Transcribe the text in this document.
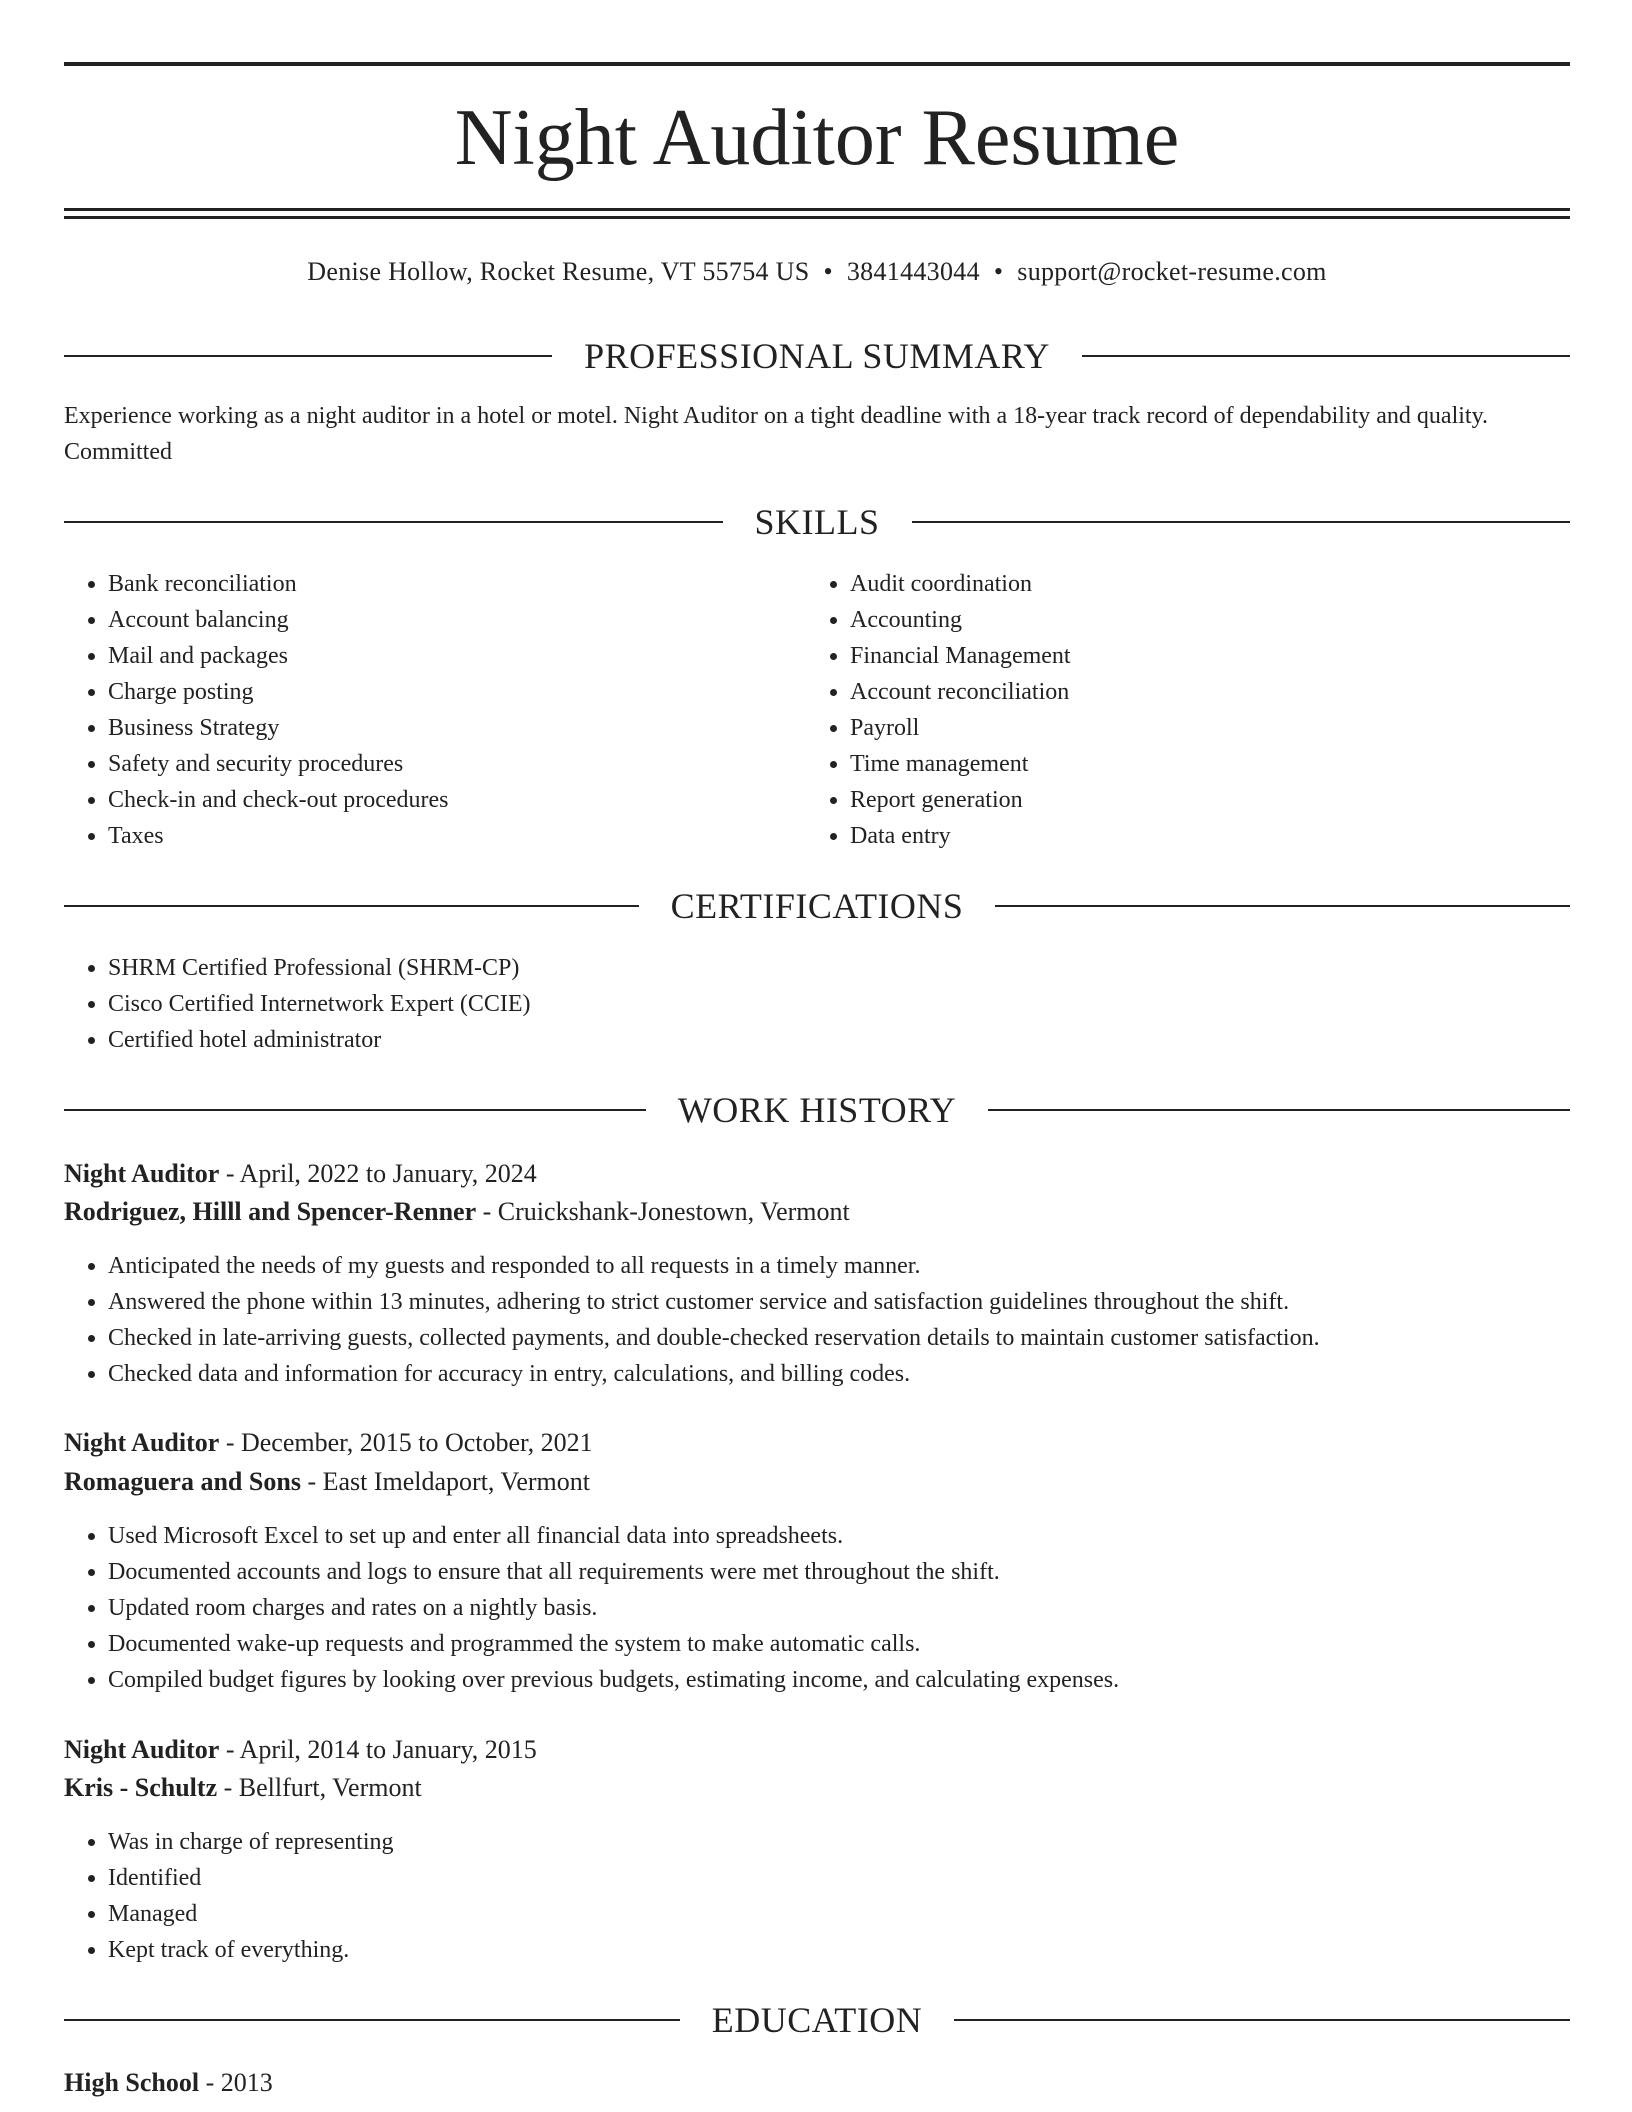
Night Auditor Resume
Denise Hollow, Rocket Resume, VT 55754 US • 3841443044 • support@rocket-resume.com
PROFESSIONAL SUMMARY

Experience working as a night auditor in a hotel or motel. Night Auditor on a tight deadline with a 18-year track record of dependability and quality. Committed

SKILLS
• Bank reconciliation
• Account balancing
• Mail and packages
• Charge posting
• Business Strategy
• Safety and security procedures
• Check-in and check-out procedures
• Taxes
• Audit coordination
• Accounting
• Financial Management
• Account reconciliation
• Payroll
• Time management
• Report generation
• Data entry
CERTIFICATIONS
• SHRM Certified Professional (SHRM-CP)
• Cisco Certified Internetwork Expert (CCIE)
• Certified hotel administrator
WORK HISTORY
Night Auditor - April, 2022 to January, 2024
Rodriguez, Hilll and Spencer-Renner - Cruickshank-Jonestown, Vermont
• Anticipated the needs of my guests and responded to all requests in a timely manner.
• Answered the phone within 13 minutes, adhering to strict customer service and satisfaction guidelines throughout the shift.
• Checked in late-arriving guests, collected payments, and double-checked reservation details to maintain customer satisfaction.
• Checked data and information for accuracy in entry, calculations, and billing codes.
Night Auditor - December, 2015 to October, 2021
Romaguera and Sons - East Imeldaport, Vermont
• Used Microsoft Excel to set up and enter all financial data into spreadsheets.
• Documented accounts and logs to ensure that all requirements were met throughout the shift.
• Updated room charges and rates on a nightly basis.
• Documented wake-up requests and programmed the system to make automatic calls.
• Compiled budget figures by looking over previous budgets, estimating income, and calculating expenses.
Night Auditor - April, 2014 to January, 2015
Kris - Schultz - Bellfurt, Vermont
• Was in charge of representing
• Identified
• Managed
• Kept track of everything.
EDUCATION
High School - 2013
